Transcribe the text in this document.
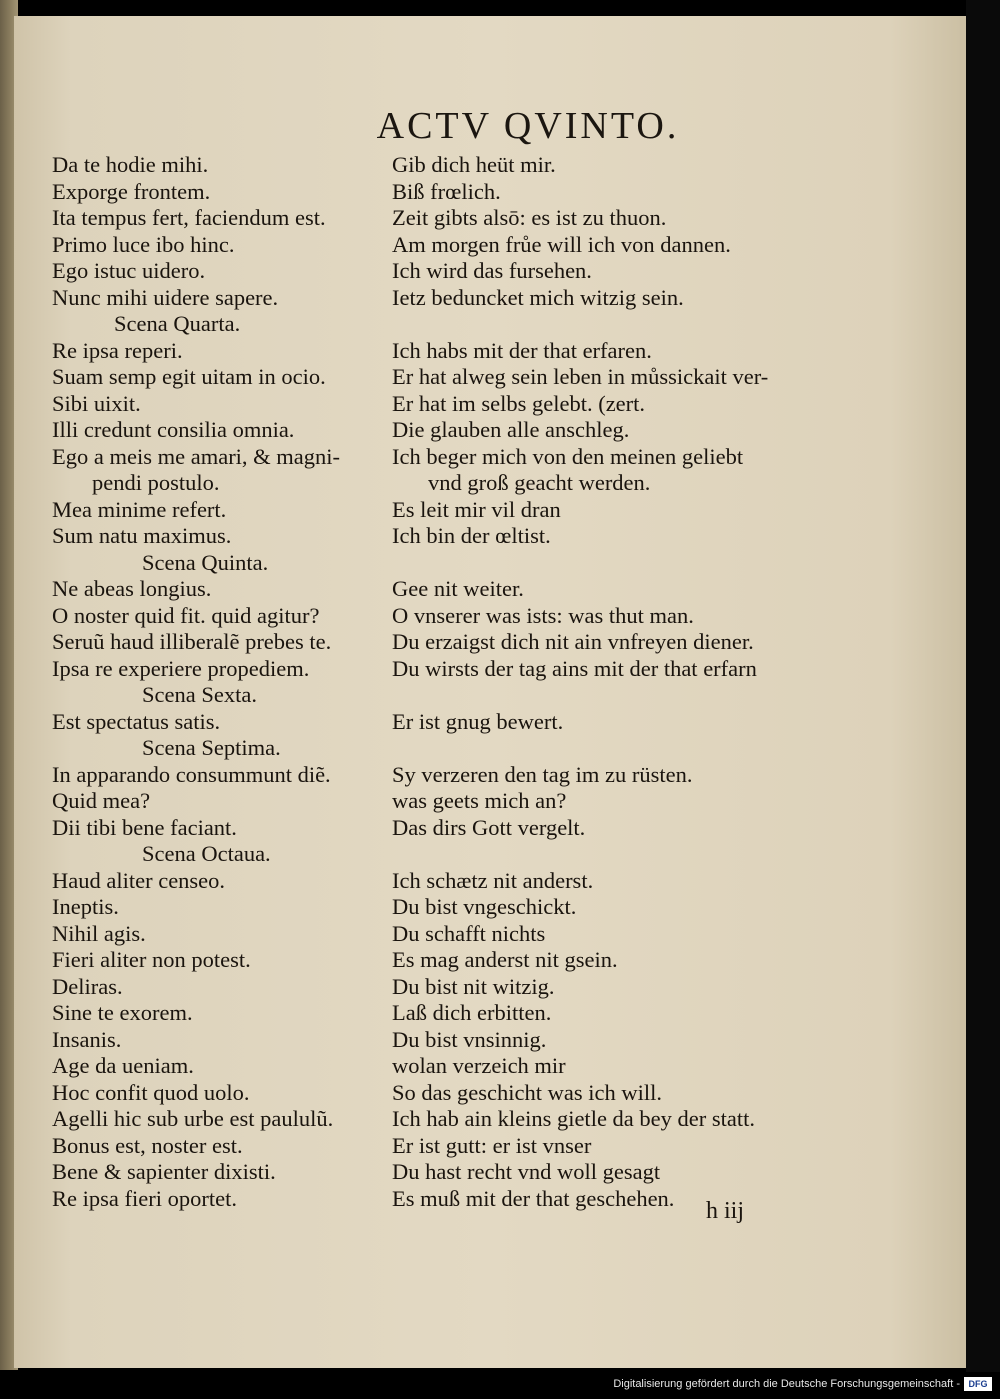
ACTV QVINTO.
Da te hodie mihi.
Exporge frontem.
Ita tempus fert, faciendum est.
Primo luce ibo hinc.
Ego istuc uidero.
Nunc mihi uidere sapere.
Scena Quarta.
Re ipsa reperi.
Suam semp egit uitam in ocio.
Sibi uixit.
Illi credunt consilia omnia.
Ego a meis me amari, & magni-
pendi postulo.
Mea minime refert.
Sum natu maximus.
Scena Quinta.
Ne abeas longius.
O noster quid fit. quid agitur?
Seruũ haud illiberalẽ prebes te.
Ipsa re experiere propediem.
Scena Sexta.
Est spectatus satis.
Scena Septima.
In apparando consummunt diẽ.
Quid mea?
Dii tibi bene faciant.
Scena Octaua.
Haud aliter censeo.
Ineptis.
Nihil agis.
Fieri aliter non potest.
Deliras.
Sine te exorem.
Insanis.
Age da ueniam.
Hoc confit quod uolo.
Agelli hic sub urbe est paululũ.
Bonus est, noster est.
Bene & sapienter dixisti.
Re ipsa fieri oportet.
Gib dich heüt mir.
Biß frœlich.
Zeit gibts alsō: es ist zu thuon.
Am morgen frůe will ich von dannen.
Ich wird das fursehen.
Ietz beduncket mich witzig sein.
Ich habs mit der that erfaren.
Er hat alweg sein leben in můssickait ver-
Er hat im selbs gelebt. (zert.
Die glauben alle anschleg.
Ich beger mich von den meinen geliebt
vnd groß geacht werden.
Es leit mir vil dran
Ich bin der œltist.
Gee nit weiter.
O vnserer was ists: was thut man.
Du erzaigst dich nit ain vnfreyen diener.
Du wirsts der tag ains mit der that erfarn
Er ist gnug bewert.
Sy verzeren den tag im zu rüsten.
was geets mich an?
Das dirs Gott vergelt.
Ich schætz nit anderst.
Du bist vngeschickt.
Du schafft nichts
Es mag anderst nit gsein.
Du bist nit witzig.
Laß dich erbitten.
Du bist vnsinnig.
wolan verzeich mir
So das geschicht was ich will.
Ich hab ain kleins gietle da bey der statt.
Er ist gutt: er ist vnser
Du hast recht vnd woll gesagt
Es muß mit der that geschehen.	h iij
Digitalisierung gefördert durch die Deutsche Forschungsgemeinschaft - DFG
